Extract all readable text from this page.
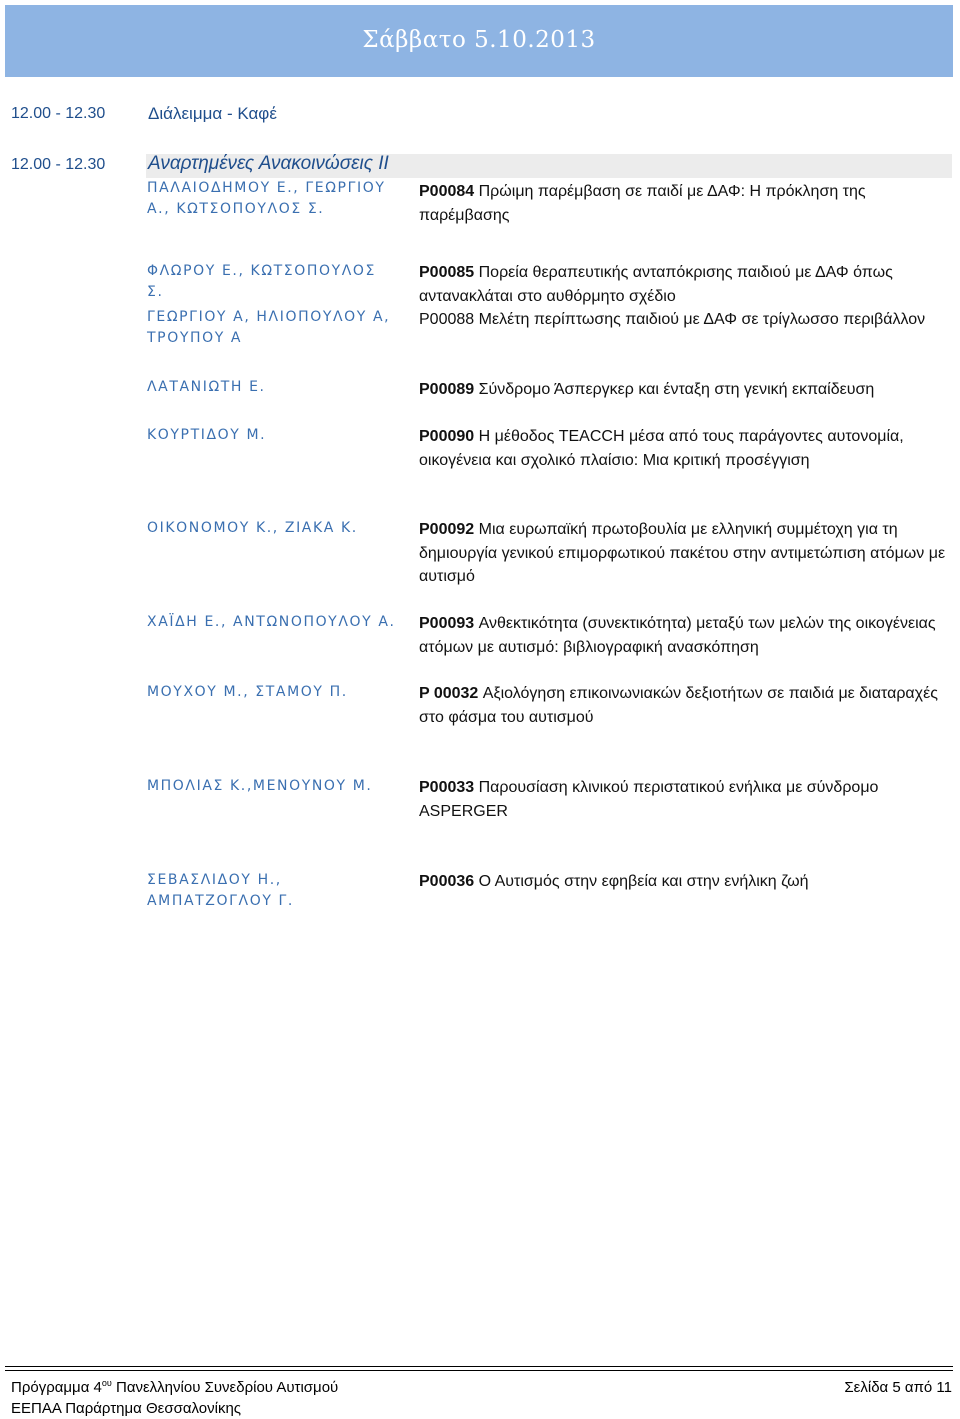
Σάββατο 5.10.2013
12.00 - 12.30	Διάλειμμα - Καφέ
12.00 - 12.30 Αναρτημένες Ανακοινώσεις ΙΙ
ΠΑΛΑΙΟΔΗΜΟΥ Ε., ΓΕΩΡΓΙΟΥ Α., ΚΩΤΣΟΠΟΥΛΟΣ Σ.
ΦΛΩΡΟΥ Ε., ΚΩΤΣΟΠΟΥΛΟΣ Σ.
ΓΕΩΡΓΙΟΥ Α, ΗΛΙΟΠΟΥΛΟΥ Α, ΤΡΟΥΠΟΥ Α
ΛΑΤΑΝΙΩΤΗ Ε.
ΚΟΥΡΤΙΔΟΥ Μ.
ΟΙΚΟΝΟΜΟΥ Κ., ΖΙΑΚΑ Κ.
ΧΑΪΔΗ Ε., ΑΝΤΩΝΟΠΟΥΛΟΥ Α.
ΜΟΥΧΟΥ Μ., ΣΤΑΜΟΥ Π.
ΜΠΟΛΙΑΣ Κ.,ΜΕΝΟΥΝΟΥ Μ.
ΣΕΒΑΣΛΙΔΟΥ Η., ΑΜΠΑΤΖΟΓΛΟΥ Γ.
P00084 Πρώιμη παρέμβαση σε παιδί με ΔΑΦ: Η πρόκληση της παρέμβασης
P00085 Πορεία θεραπευτικής ανταπόκρισης παιδιού με ΔΑΦ όπως αντανακλάται στο αυθόρμητο σχέδιο
P00088 Μελέτη περίπτωσης παιδιού με ΔΑΦ σε τρίγλωσσο περιβάλλον
P00089 Σύνδρομο Άσπεργκερ και ένταξη στη γενική εκπαίδευση
P00090 Η μέθοδος TEACCH μέσα από τους παράγοντες αυτονομία, οικογένεια και σχολικό πλαίσιο: Μια κριτική προσέγγιση
P00092 Μια ευρωπαϊκή πρωτοβουλία με ελληνική συμμέτοχη για τη δημιουργία γενικού επιμορφωτικού πακέτου στην αντιμετώπιση ατόμων με αυτισμό
P00093 Ανθεκτικότητα (συνεκτικότητα) μεταξύ των μελών της οικογένειας ατόμων με αυτισμό: βιβλιογραφική ανασκόπηση
P 00032 Αξιολόγηση επικοινωνιακών δεξιοτήτων σε παιδιά με διαταραχές στο φάσμα του αυτισμού
P00033 Παρουσίαση κλινικού περιστατικού ενήλικα με σύνδρομο ASPERGER
P00036 Ο Αυτισμός στην εφηβεία και στην ενήλικη ζωή
Πρόγραμμα $4^{o\upsilon}$ Πανελληνίου Συνεδρίου Αυτισμού
ΕΕΠΑΑ Παράρτημα Θεσσαλονίκης
Σελίδα 5 από 11
